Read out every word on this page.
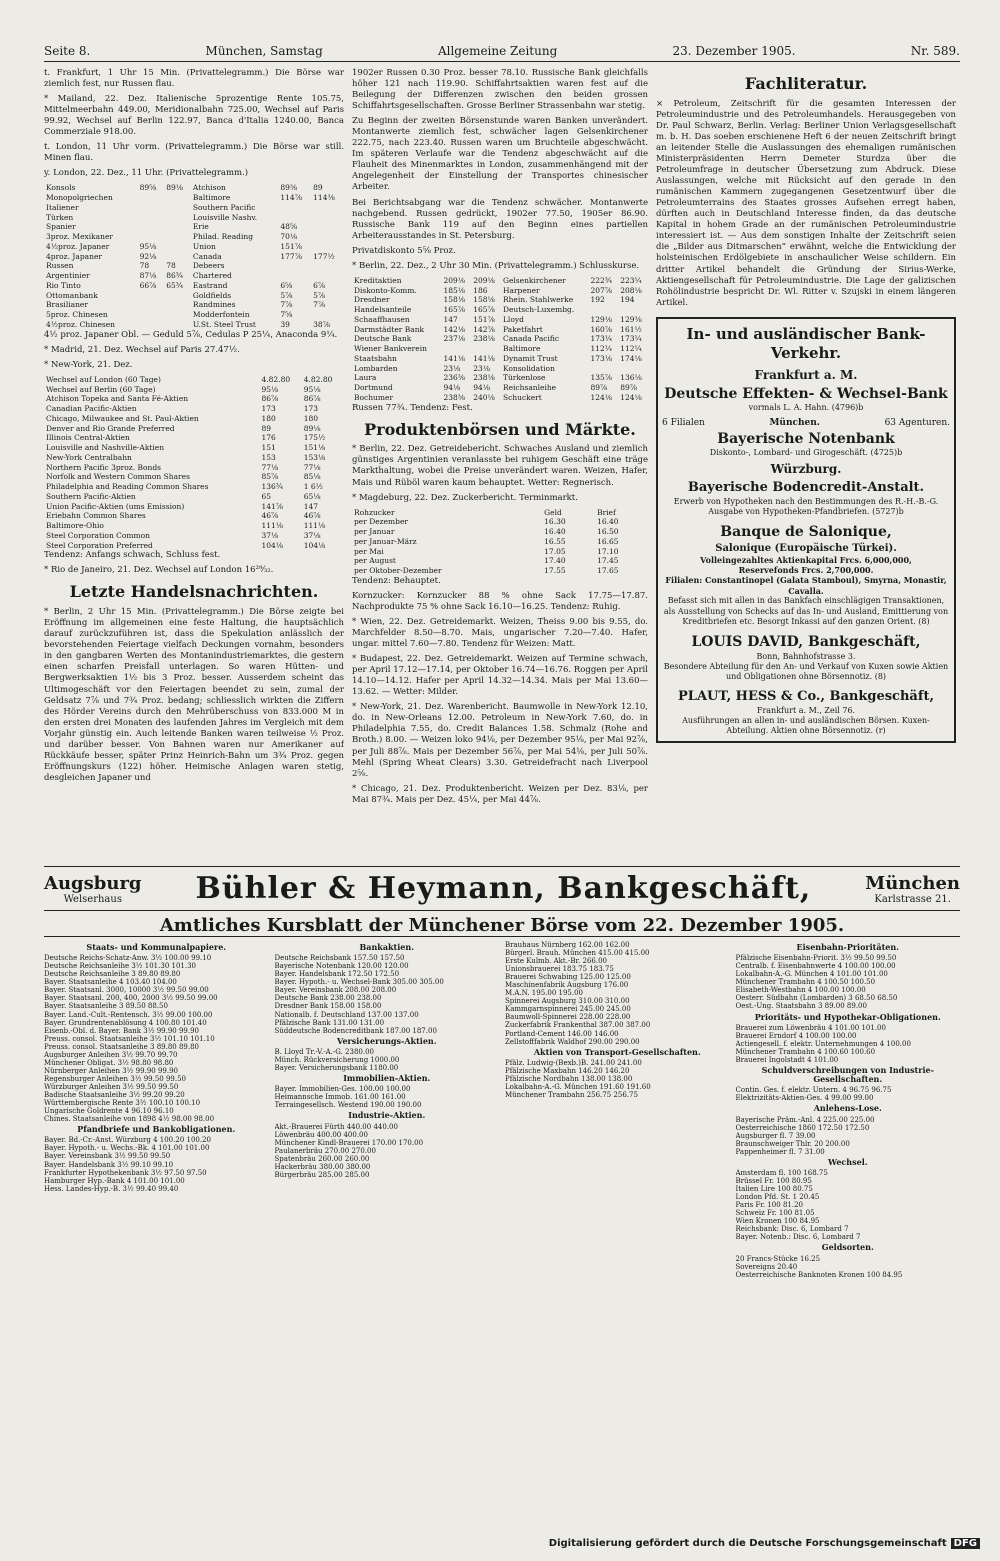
Seite 8.	München, Samstag	Allgemeine Zeitung	23. Dezember 1905.	Nr. 589.

t. Frankfurt, 1 Uhr 15 Min. (Privattelegramm.) Die Börse war ziemlich fest, nur Russen flau.

* Mailand, 22. Dez. Italienische 5prozentige Rente 105.75, Mittelmeerbahn 449.00, Meridionalbahn 725.00, Wechsel auf Paris 99.92, Wechsel auf Berlin 122.97, Banca d'Italia 1240.00, Banca Commerziale 918.00.

t. London, 11 Uhr vorm. (Privattelegramm.) Die Börse war still. Minen flau.

y. London, 22. Dez., 11 Uhr. (Privattelegramm.)

Konsols	89⅝	89⅛	Atchison	89⅜	89
Monopolgriechen			Baltimore	114⅞	114⅜
Italiener			Southern Pacific		
Türken			Louisville Nashv.		
Spanier			Erie	48⅝	
3proz. Mexikaner			Philad. Reading	70⅛	
4½proz. Japaner	95⅛		Union	151⅞	
4proz. Japaner	92⅛		Canada	177⅞	177½
Russen	78	78	Debeers		
Argentinier	87⅛	86¾	Chartered		
Rio Tinto	66⅞	65¾	Eastrand	6⅝	6⅞
Ottomanbank			Goldfields	5⅞	5⅞
Brasilianer			Randmines	7⅞	7⅞
5proz. Chinesen			Modderfontein	7⅝	
4½proz. Chinesen			U.St. Steel Trust	39	38⅞

4½ proz. Japaner Obl. — Geduld 5⅞, Cedulas P 25¼, Anaconda 9¼.

* Madrid, 21. Dez. Wechsel auf Paris 27.47½.

* New-York, 21. Dez.

Wechsel auf London (60 Tage)	4.82.80	4.82.80
Wechsel auf Berlin (60 Tage)	95⅛	95⅛
Atchison Topeka and Santa Fé-Aktien	86⅞	86⅞
Canadian Pacific-Aktien	173	173
Chicago, Milwaukee and St. Paul-Aktien	180	180
Denver and Rio Grande Preferred	89	89⅛
Illinois Central-Aktien	176	175½
Louisville and Nashville-Aktien	151	151⅛
New-York Centralbahn	153	153⅛
Northern Pacific 3proz. Bonds	77⅛	77⅛
Norfolk and Western Common Shares	85⅞	85⅛
Philadelphia and Reading Common Shares	136¾	1 6½
Southern Pacific-Aktien	65	65⅛
Union Pacific-Aktien (ums Emission)	141⅞	147
Eriebahn Common Shares	46⅞	46⅞
Baltimore-Ohio	111⅛	111⅛
Steel Corporation Common	37⅛	37⅛
Steel Corporation Preferred	104⅛	104⅛

Tendenz: Anfangs schwach, Schluss fest.

* Rio de Janeiro, 21. Dez. Wechsel auf London 16²⁹⁄₃₂.

Letzte Handelsnachrichten.

* Berlin, 2 Uhr 15 Min. (Privattelegramm.) Die Börse zeigte bei Eröffnung im allgemeinen eine feste Haltung, die hauptsächlich darauf zurückzuführen ist, dass die Spekulation anlässlich der bevorstehenden Feiertage vielfach Deckungen vornahm, besonders in den gangbaren Werten des Montanindustriemarktes, die gestern einen scharfen Preisfall unterlagen. So waren Hütten- und Bergwerksaktien 1½ bis 3 Proz. besser. Ausserdem scheint das Ultimogeschäft vor den Feiertagen beendet zu sein, zumal der Geldsatz 7⅞ und 7¾ Proz. bedang; schliesslich wirkten die Ziffern des Hörder Vereins durch den Mehrüberschuss von 833.000 M in den ersten drei Monaten des laufenden Jahres im Vergleich mit dem Vorjahr günstig ein. Auch leitende Banken waren teilweise ½ Proz. und darüber besser. Von Bahnen waren nur Amerikaner auf Rückkäufe besser, später Prinz Heinrich-Bahn um 3¾ Proz. gegen Eröffnungskurs (122) höher. Heimische Anlagen waren stetig, desgleichen Japaner und

1902er Russen 0.30 Proz. besser 78.10. Russische Bank gleichfalls höher 121 nach 119.90. Schiffahrtsaktien waren fest auf die Beilegung der Differenzen zwischen den beiden grossen Schiffahrtsgesellschaften. Grosse Berliner Strassenbahn war stetig.

Zu Beginn der zweiten Börsenstunde waren Banken unverändert. Montanwerte ziemlich fest, schwächer lagen Gelsenkirchener 222.75, nach 223.40. Russen waren um Bruchteile abgeschwächt. Im späteren Verlaufe war die Tendenz abgeschwächt auf die Flauheit des Minenmarktes in London, zusammenhängend mit der Angelegenheit der Einstellung der Transportes chinesischer Arbeiter.

Bei Berichtsabgang war die Tendenz schwächer. Montanwerte nachgebend. Russen gedrückt, 1902er 77.50, 1905er 86.90. Russische Bank 119 auf den Beginn eines partiellen Arbeiterausstandes in St. Petersburg.

Privatdiskonto 5⅝ Proz.

* Berlin, 22. Dez., 2 Uhr 30 Min. (Privattelegramm.) Schlusskurse.

Kreditaktien	209⅛	209⅛	Gelsenkirchener	222¾	223¼
Diskonto-Komm.	185⅛	186	Harpener	207⅞	208⅛
Dresdner	158⅛	158⅛	Rhein. Stahlwerke	192	194
Handelsanteile	165⅞	165⅞	Deutsch-Luxembg.		
Schaaffhausen	147	151⅞	Lloyd	129⅛	129⅜
Darmstädter Bank	142⅛	142⅞	Paketfahrt	160⅞	161½
Deutsche Bank	237⅛	238⅛	Canada Pacific	173¼	173¼
Wiener Bankverein			Baltimore	112¼	112¼
Staatsbahn	141⅛	141⅛	Dynamit Trust	173⅛	174⅛
Lombarden	23⅛	23⅛	Konsolidation		
Laura	236⅜	238⅛	Türkenlose	135⅞	136⅛
Dortmund	94⅛	94⅛	Reichsanleihe	89⅞	89⅞
Bochumer	238⅜	240⅛	Schuckert	124⅛	124⅛

Russen 77¾. Tendenz: Fest.

Produktenbörsen und Märkte.

* Berlin, 22. Dez. Getreidebericht. Schwaches Ausland und ziemlich günstiges Argentinien veranlasste bei ruhigem Geschäft eine träge Markthaltung, wobei die Preise unverändert waren. Weizen, Hafer, Mais und Rüböl waren kaum behauptet. Wetter: Regnerisch.

* Magdeburg, 22. Dez. Zuckerbericht. Terminmarkt.

Rohzucker	Geld	Brief
per Dezember	16.30	16.40
per Januar	16.40	16.50
per Januar-März	16.55	16.65
per Mai	17.05	17.10
per August	17.40	17.45
per Oktober-Dezember	17.55	17.65

Tendenz: Behauptet.

Kornzucker: Kornzucker 88 % ohne Sack 17.75—17.87. Nachprodukte 75 % ohne Sack 16.10—16.25. Tendenz: Ruhig.

* Wien, 22. Dez. Getreidemarkt. Weizen, Theiss 9.00 bis 9.55, do. Marchfelder 8.50—8.70. Mais, ungarischer 7.20—7.40. Hafer, ungar. mittel 7.60—7.80. Tendenz für Weizen: Matt.

* Budapest, 22. Dez. Getreidemarkt. Weizen auf Termine schwach, per April 17.12—17.14, per Oktober 16.74—16.76. Roggen per April 14.10—14.12. Hafer per April 14.32—14.34. Mais per Mai 13.60—13.62. — Wetter: Milder.

* New-York, 21. Dez. Warenbericht. Baumwolle in New-York 12.10, do. in New-Orleans 12.00. Petroleum in New-York 7.60, do. in Philadelphia 7.55, do. Credit Balances 1.58. Schmalz (Rohe and Broth.) 8.00. — Weizen loko 94⅛, per Dezember 95⅛, per Mai 92⅞, per Juli 88⅞. Mais per Dezember 56⅞, per Mai 54⅛, per Juli 50⅞. Mehl (Spring Wheat Clears) 3.30. Getreidefracht nach Liverpool 2⅝.

* Chicago, 21. Dez. Produktenbericht. Weizen per Dez. 83⅛, per Mai 87¾. Mais per Dez. 45¼, per Mai 44⅞.

Fachliteratur.

× Petroleum, Zeitschrift für die gesamten Interessen der Petroleumindustrie und des Petroleumhandels. Herausgegeben von Dr. Paul Schwarz, Berlin. Verlag: Berliner Union Verlagsgesellschaft m. b. H. Das soeben erschienene Heft 6 der neuen Zeitschrift bringt an leitender Stelle die Auslassungen des ehemaligen rumänischen Ministerpräsidenten Herrn Demeter Sturdza über die Petroleumfrage in deutscher Übersetzung zum Abdruck. Diese Auslassungen, welche mit Rücksicht auf den gerade in den rumänischen Kammern zugegangenen Gesetzentwurf über die Petroleumterrains des Staates grosses Aufsehen erregt haben, dürften auch in Deutschland Interesse finden, da das deutsche Kapital in hohem Grade an der rumänischen Petroleumindustrie interessiert ist. — Aus dem sonstigen Inhalte der Zeitschrift seien die „Bilder aus Ditmarschen“ erwähnt, welche die Entwicklung der holsteinischen Erdölgebiete in anschaulicher Weise schildern. Ein dritter Artikel behandelt die Gründung der Sirius-Werke, Aktiengesellschaft für Petroleumindustrie. Die Lage der galizischen Rohölindustrie bespricht Dr. Wl. Ritter v. Szujski in einem längeren Artikel.

In- und ausländischer Bank-Verkehr.
Frankfurt a. M.
Deutsche Effekten- & Wechsel-Bank
vormals L. A. Hahn. (4796)b
6 Filialen	München.	63 Agenturen.
Bayerische Notenbank
Diskonto-, Lombard- und Girogeschäft. (4725)b
Würzburg.
Bayerische Bodencredit-Anstalt.
Erwerb von Hypotheken nach den Bestimmungen des R.-H.-B.-G. Ausgabe von Hypotheken-Pfandbriefen. (5727)b
Banque de Salonique,
Salonique (Europäische Türkei).
Volleingezahltes Aktienkapital Frcs. 6,000,000,
Reservefonds Frcs. 2,700,000.
Filialen: Constantinopel (Galata Stamboul), Smyrna, Monastir, Cavalla.
Befasst sich mit allen in das Bankfach einschlägigen Transaktionen, als Ausstellung von Schecks auf das In- und Ausland, Emittierung von Kreditbriefen etc. Besorgt Inkassi auf den ganzen Orient. (8)
LOUIS DAVID, Bankgeschäft,
Bonn, Bahnhofstrasse 3.
Besondere Abteilung für den An- und Verkauf von Kuxen sowie Aktien und Obligationen ohne Börsennotiz. (8)
PLAUT, HESS & Co., Bankgeschäft,
Frankfurt a. M., Zeil 76.
Ausführungen an allen in- und ausländischen Börsen. Kuxen-Abteilung. Aktien ohne Börsennotiz. (r)
Augsburg
Welserhaus	Bühler & Heymann, Bankgeschäft,	München
Karlstrasse 21.
Amtliches Kursblatt der Münchener Börse vom 22. Dezember 1905.
Staats- und Kommunalpapiere.
Deutsche Reichs-Schatz-Anw. 3½ 100.00 99.10
Deutsche Reichsanleihe 3½ 101.30 101.30
Deutsche Reichsanleihe 3 89.80 89.80
Bayer. Staatsanleihe 4 103.40 104.00
Bayer. Staatsanl. 3000, 10000 3½ 99.50 99.00
Bayer. Staatsanl. 200, 400, 2000 3½ 99.50 99.00
Bayer. Staatsanleihe 3 89.50 88.50
Bayer. Land.-Cult.-Rentensch. 3½ 99.00 100.00
Bayer. Grundrentenablösung 4 100.80 101.40
Eisenb.-Obl. d. Bayer. Bank 3½ 99.90 99.90
Preuss. consol. Staatsanleihe 3½ 101.10 101.10
Preuss. consol. Staatsanleihe 3 89.80 89.80
Augsburger Anleihen 3½ 99.70 99.70
Münchener Obligat. 3½ 98.80 98.80
Nürnberger Anleihen 3½ 99.90 99.90
Regensburger Anleihen 3½ 99.50 99.50
Würzburger Anleihen 3½ 99.50 99.50
Badische Staatsanleihe 3½ 99.20 99.20
Württembergische Rente 3½ 100.10 100.10
Ungarische Goldrente 4 96.10 96.10
Chines. Staatsanleihe von 1898 4½ 98.00 98.00
Pfandbriefe und Bankobligationen.
Bayer. Bd.-Cr.-Anst. Würzburg 4 100.20 100.20
Bayer. Hypoth.- u. Wechs.-Bk. 4 101.00 101.00
Bayer. Vereinsbank 3½ 99.50 99.50
Bayer. Handelsbank 3½ 99.10 99.10
Frankfurter Hypothekenbank 3½ 97.50 97.50
Hamburger Hyp.-Bank 4 101.00 101.00
Hess. Landes-Hyp.-B. 3½ 99.40 99.40
Bankaktien.
Deutsche Reichsbank 157.50 157.50
Bayerische Notenbank 120.00 120.00
Bayer. Handelsbank 172.50 172.50
Bayer. Hypoth.- u. Wechsel-Bank 305.00 305.00
Bayer. Vereinsbank 208.00 208.00
Deutsche Bank 238.00 238.00
Dresdner Bank 158.00 158.00
Nationalb. f. Deutschland 137.00 137.00
Pfälzische Bank 131.00 131.00
Süddeutsche Bodencreditbank 187.00 187.00
Versicherungs-Aktien.
B. Lloyd Tr.-V.-A.-G. 2380.00
Münch. Rückversicherung 1000.00
Bayer. Versicherungsbank 1180.00
Immobilien-Aktien.
Bayer. Immobilien-Ges. 100.00 100.00
Heimannsche Immob. 161.00 161.00
Terraingesellsch. Westend 190.00 190.00
Industrie-Aktien.
Akt.-Brauerei Fürth 440.00 440.00
Löwenbräu 400.00 400.00
Münchener Kindl-Brauerei 170.00 170.00
Paulanerbräu 270.00 270.00
Spatenbräu 260.00 260.00
Hackerbräu 380.00 380.00
Bürgerbräu 285.00 285.00
Brauhaus Nürnberg 162.00 162.00
Bürgerl. Brauh. München 415.00 415.00
Erste Kulmb. Akt.-Br. 266.00
Unionsbrauerei 183.75 183.75
Brauerei Schwabing 125.00 125.00
Maschinenfabrik Augsburg 176.00
M.A.N. 195.00 195.00
Spinnerei Augsburg 310.00 310.00
Kammgarnspinnerei 245.00 245.00
Baumwoll-Spinnerei 228.00 228.00
Zuckerfabrik Frankenthal 387.00 387.00
Portland-Cement 146.00 146.00
Zellstofffabrik Waldhof 290.00 290.00
Aktien von Transport-Gesellschaften.
Pfälz. Ludwig-(Bexb.)B. 241.00 241.00
Pfälzische Maxbahn 146.20 146.20
Pfälzische Nordbahn 138.00 138.00
Lokalbahn-A.-G. München 191.60 191.60
Münchener Trambahn 256.75 256.75
Eisenbahn-Prioritäten.
Pfälzische Eisenbahn-Priorit. 3½ 99.50 99.50
Centralb. f. Eisenbahnwerte 4 100.00 100.00
Lokalbahn-A.-G. München 4 101.00 101.00
Münchener Trambahn 4 100.50 100.50
Elisabeth-Westbahn 4 100.00 100.00
Oesterr. Südbahn (Lombarden) 3 68.50 68.50
Oest.-Ung. Staatsbahn 3 89.00 89.00
Prioritäts- und Hypothekar-Obligationen.
Brauerei zum Löwenbräu 4 101.00 101.00
Brauerei Erndorf 4 100.00 100.00
Actiengesell. f. elektr. Unternehmungen 4 100.00
Münchener Trambahn 4 100.60 100.60
Brauerei Ingolstadt 4 101.00
Schuldverschreibungen von Industrie-Gesellschaften.
Contin. Ges. f. elektr. Untern. 4 96.75 96.75
Elektrizitäts-Aktien-Ges. 4 99.00 99.00
Anlehens-Lose.
Bayerische Präm.-Anl. 4 225.00 225.00
Oesterreichische 1860 172.50 172.50
Augsburger fl. 7 39.00
Braunschweiger Thlr. 20 200.00
Pappenheimer fl. 7 31.00
Wechsel.
Amsterdam fl. 100 168.75
Brüssel Fr. 100 80.95
Italien Lire 100 80.75
London Pfd. St. 1 20.45
Paris Fr. 100 81.20
Schweiz Fr. 100 81.05
Wien Kronen 100 84.95
Reichsbank: Disc. 6, Lombard 7
Bayer. Notenb.: Disc. 6, Lombard 7
Geldsorten.
20 Francs-Stücke 16.25
Sovereigns 20.40
Oesterreichische Banknoten Kronen 100 84.95
Digitalisierung gefördert durch die Deutsche Forschungsgemeinschaft DFG
